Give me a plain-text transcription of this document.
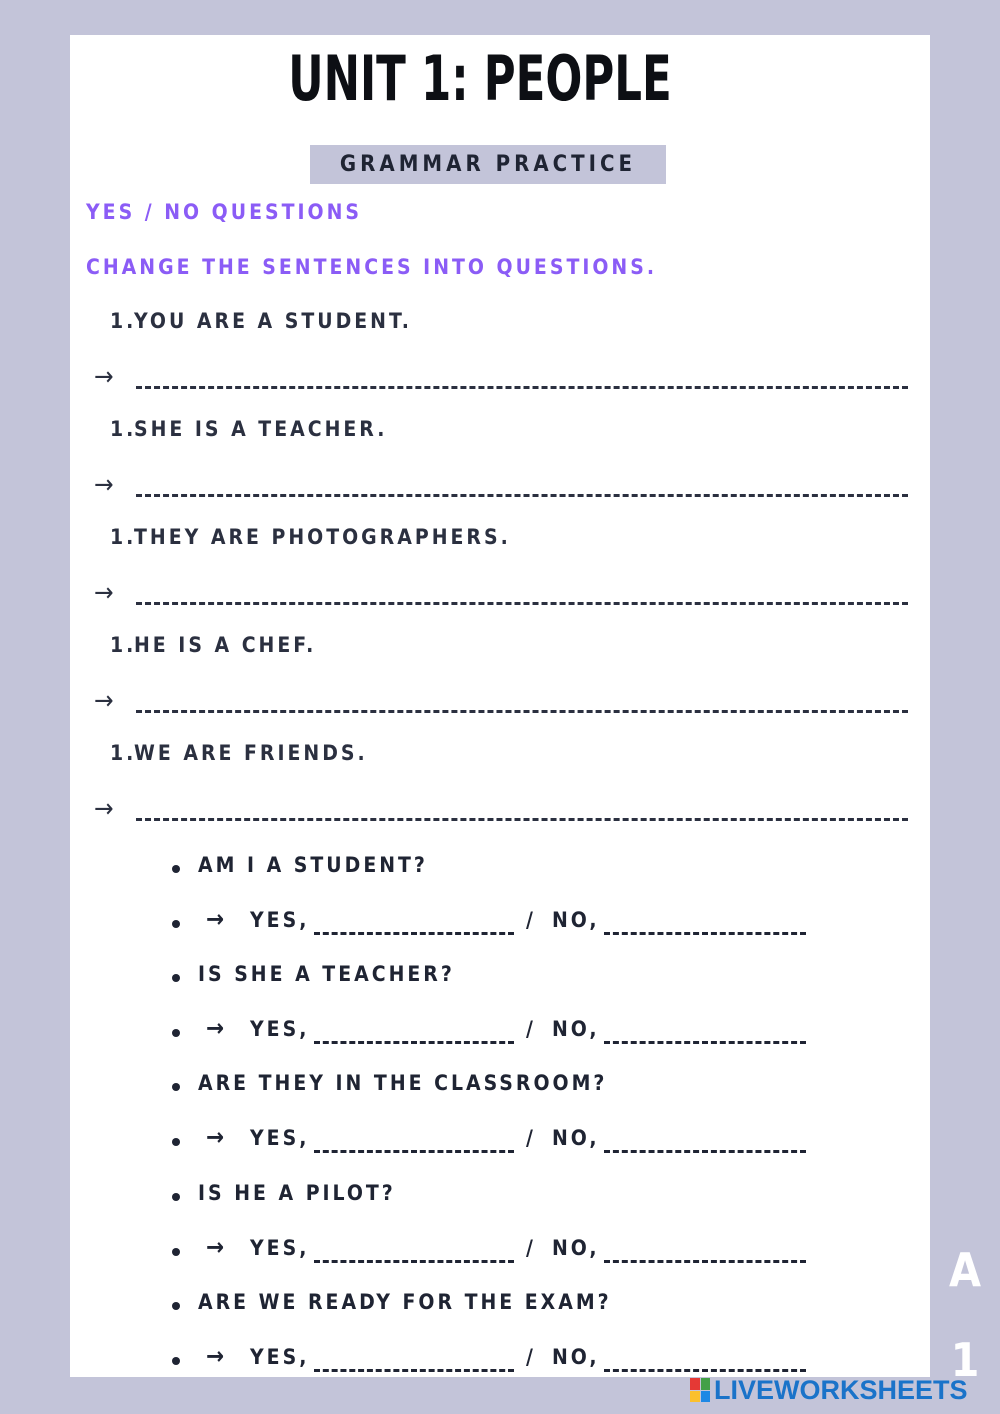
UNIT 1: PEOPLE
GRAMMAR PRACTICE
YES / NO QUESTIONS
CHANGE THE SENTENCES INTO QUESTIONS.
1.YOU ARE A STUDENT.
→
1.SHE IS A TEACHER.
→
1.THEY ARE PHOTOGRAPHERS.
→
1.HE IS A CHEF.
→
1.WE ARE FRIENDS.
→
AM I A STUDENT?
→ YES,	/ NO,
IS SHE A TEACHER?
→ YES,	/ NO,
ARE THEY IN THE CLASSROOM?
→ YES,	/ NO,
IS HE A PILOT?
→ YES,	/ NO,
ARE WE READY FOR THE EXAM?
→ YES,	/ NO,
A
1
LIVEWORKSHEETS
